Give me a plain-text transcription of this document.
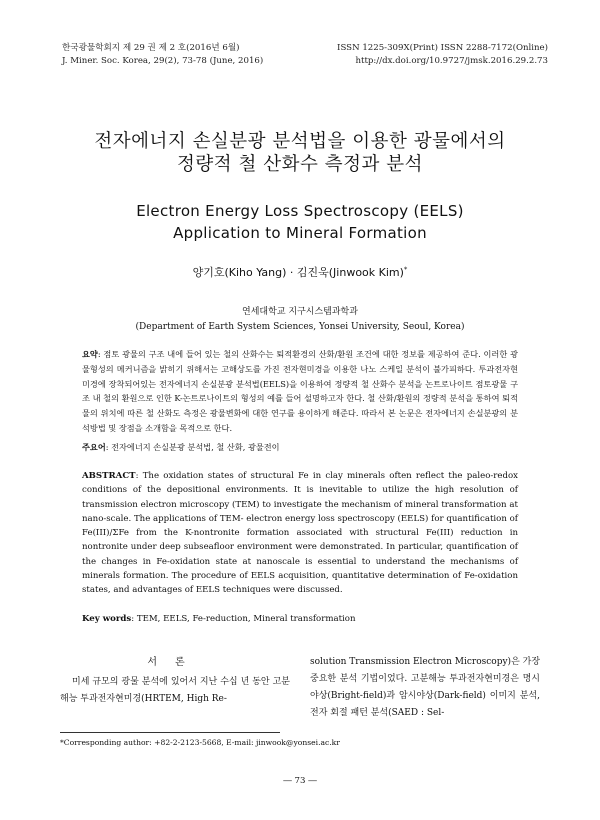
한국광물학회지 제 29 권 제 2 호(2016년 6월)
J. Miner. Soc. Korea, 29(2), 73-78 (June, 2016)
ISSN 1225-309X(Print) ISSN 2288-7172(Online)
http://dx.doi.org/10.9727/jmsk.2016.29.2.73
전자에너지 손실분광 분석법을 이용한 광물에서의
정량적 철 산화수 측정과 분석
Electron Energy Loss Spectroscopy (EELS)
Application to Mineral Formation
양기호(Kiho Yang) · 김진욱(Jinwook Kim)*
연세대학교 지구시스템과학과
(Department of Earth System Sciences, Yonsei University, Seoul, Korea)
요약: 점토 광물의 구조 내에 들어 있는 철의 산화수는 퇴적환경의 산화/환원 조건에 대한 정보를 제공하여 준다. 이러한 광물형성의 메커니즘을 밝히기 위해서는 고해상도를 가진 전자현미경을 이용한 나노 스케일 분석이 불가피하다. 투과전자현미경에 장착되어있는 전자에너지 손실분광 분석법(EELS)을 이용하여 정량적 철 산화수 분석을 논트로나이트 점토광물 구조 내 철의 환원으로 인한 K-논트로나이트의 형성의 예를 들어 설명하고자 한다. 철 산화/환원의 정량적 분석을 통하여 퇴적물의 위치에 따른 철 산화도 측정은 광물변화에 대한 연구를 용이하게 해준다. 따라서 본 논문은 전자에너지 손실분광의 분석방법 및 장점을 소개함을 목적으로 한다.
주요어: 전자에너지 손실분광 분석법, 철 산화, 광물전이
ABSTRACT: The oxidation states of structural Fe in clay minerals often reflect the paleo-redox conditions of the depositional environments. It is inevitable to utilize the high resolution of transmission electron microscopy (TEM) to investigate the mechanism of mineral transformation at nano-scale. The applications of TEM- electron energy loss spectroscopy (EELS) for quantification of Fe(III)/ΣFe from the K-nontronite formation associated with structural Fe(III) reduction in nontronite under deep subseafloor environment were demonstrated. In particular, quantification of the changes in Fe-oxidation state at nanoscale is essential to understand the mechanisms of minerals formation. The procedure of EELS acquisition, quantitative determination of Fe-oxidation states, and advantages of EELS techniques were discussed.
Key words: TEM, EELS, Fe-reduction, Mineral transformation
서론
미세 규모의 광물 분석에 있어서 지난 수십 년 동안 고분해능 투과전자현미경(HRTEM, High Re-
solution Transmission Electron Microscopy)은 가장 중요한 분석 기법이었다. 고분해능 투과전자현미경은 명시야상(Bright-field)과 암시야상(Dark-field) 이미지 분석, 전자 회절 패턴 분석(SAED : Sel-
*Corresponding author: +82-2-2123-5668, E-mail: jinwook@yonsei.ac.kr
― 73 ―
